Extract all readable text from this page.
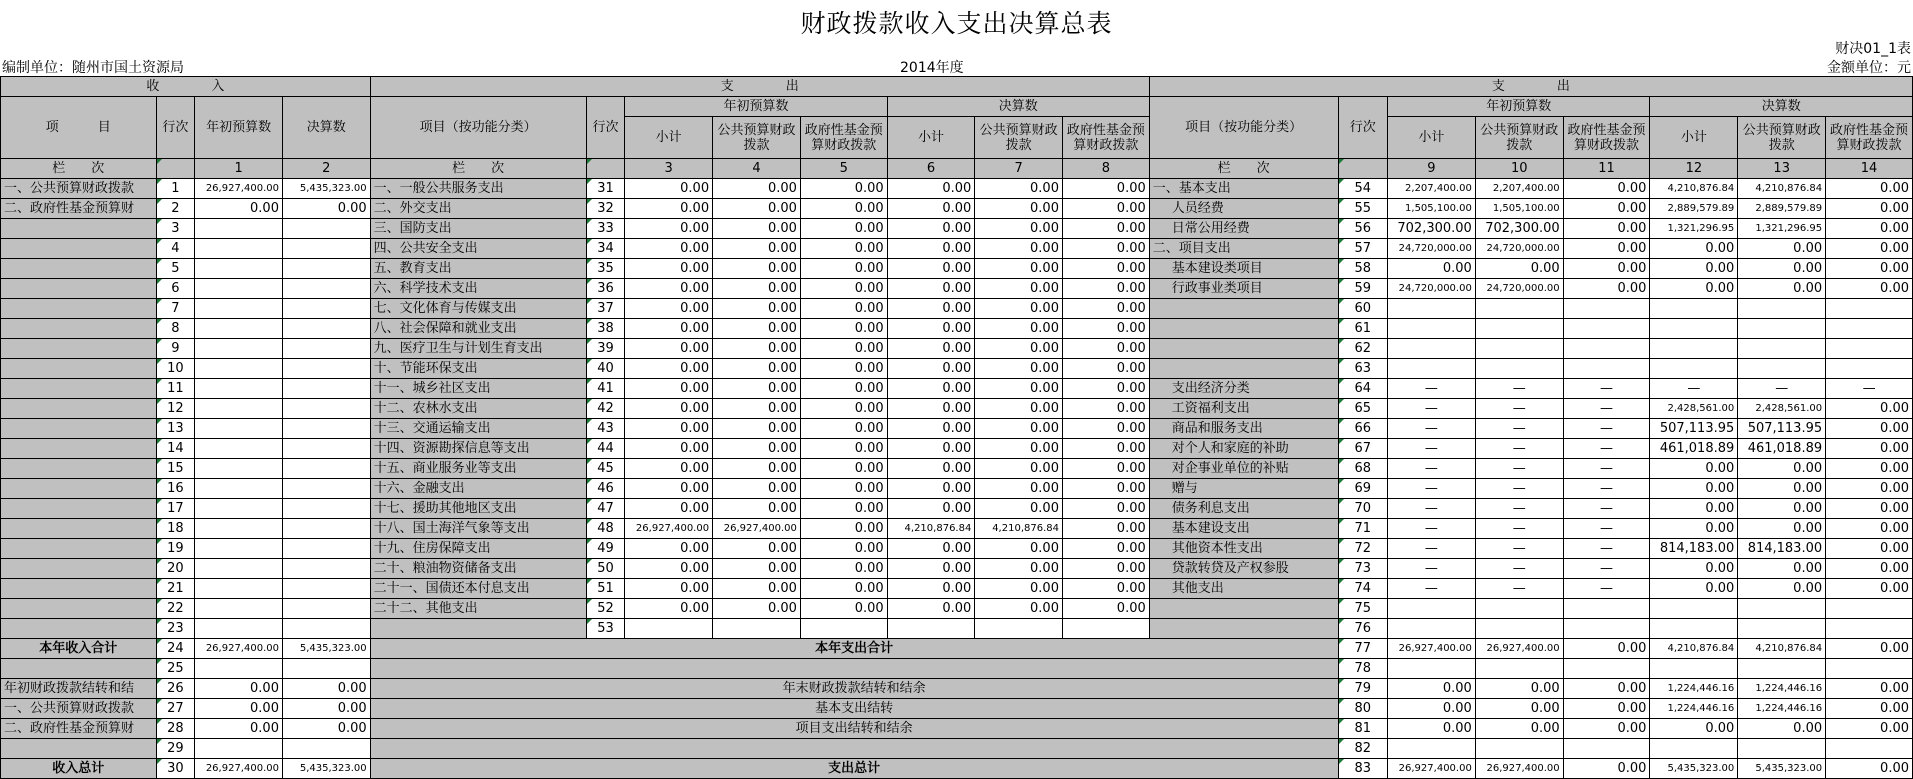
财政拨款收入支出决算总表
财决01_1表
编制单位：随州市国土资源局	2014年度	金额单位：元
收　　　　入				支　　　　出								支　　　　出							
项　　　目	行次	年初预算数	决算数	项目（按功能分类）	行次	年初预算数			决算数			项目（按功能分类）	行次	年初预算数			决算数		
						小计	公共预算财政拨款	政府性基金预算财政拨款	小计	公共预算财政拨款	政府性基金预算财政拨款			小计	公共预算财政拨款	政府性基金预算财政拨款	小计	公共预算财政拨款	政府性基金预算财政拨款
栏　　次		1	2	栏　　次		3	4	5	6	7	8	栏　　次		9	10	11	12	13	14
一、公共预算财政拨款	1	26,927,400.00	5,435,323.00	一、一般公共服务支出	31	0.00	0.00	0.00	0.00	0.00	0.00	一、基本支出	54	2,207,400.00	2,207,400.00	0.00	4,210,876.84	4,210,876.84	0.00
二、政府性基金预算财	2	0.00	0.00	二、外交支出	32	0.00	0.00	0.00	0.00	0.00	0.00	人员经费	55	1,505,100.00	1,505,100.00	0.00	2,889,579.89	2,889,579.89	0.00
	3			三、国防支出	33	0.00	0.00	0.00	0.00	0.00	0.00	日常公用经费	56	702,300.00	702,300.00	0.00	1,321,296.95	1,321,296.95	0.00
	4			四、公共安全支出	34	0.00	0.00	0.00	0.00	0.00	0.00	二、项目支出	57	24,720,000.00	24,720,000.00	0.00	0.00	0.00	0.00
	5			五、教育支出	35	0.00	0.00	0.00	0.00	0.00	0.00	基本建设类项目	58	0.00	0.00	0.00	0.00	0.00	0.00
	6			六、科学技术支出	36	0.00	0.00	0.00	0.00	0.00	0.00	行政事业类项目	59	24,720,000.00	24,720,000.00	0.00	0.00	0.00	0.00
	7			七、文化体育与传媒支出	37	0.00	0.00	0.00	0.00	0.00	0.00		60						
	8			八、社会保障和就业支出	38	0.00	0.00	0.00	0.00	0.00	0.00		61						
	9			九、医疗卫生与计划生育支出	39	0.00	0.00	0.00	0.00	0.00	0.00		62						
	10			十、节能环保支出	40	0.00	0.00	0.00	0.00	0.00	0.00		63						
	11			十一、城乡社区支出	41	0.00	0.00	0.00	0.00	0.00	0.00	支出经济分类	64	—	—	—	—	—	—
	12			十二、农林水支出	42	0.00	0.00	0.00	0.00	0.00	0.00	工资福利支出	65	—	—	—	2,428,561.00	2,428,561.00	0.00
	13			十三、交通运输支出	43	0.00	0.00	0.00	0.00	0.00	0.00	商品和服务支出	66	—	—	—	507,113.95	507,113.95	0.00
	14			十四、资源勘探信息等支出	44	0.00	0.00	0.00	0.00	0.00	0.00	对个人和家庭的补助	67	—	—	—	461,018.89	461,018.89	0.00
	15			十五、商业服务业等支出	45	0.00	0.00	0.00	0.00	0.00	0.00	对企事业单位的补贴	68	—	—	—	0.00	0.00	0.00
	16			十六、金融支出	46	0.00	0.00	0.00	0.00	0.00	0.00	赠与	69	—	—	—	0.00	0.00	0.00
	17			十七、援助其他地区支出	47	0.00	0.00	0.00	0.00	0.00	0.00	债务利息支出	70	—	—	—	0.00	0.00	0.00
	18			十八、国土海洋气象等支出	48	26,927,400.00	26,927,400.00	0.00	4,210,876.84	4,210,876.84	0.00	基本建设支出	71	—	—	—	0.00	0.00	0.00
	19			十九、住房保障支出	49	0.00	0.00	0.00	0.00	0.00	0.00	其他资本性支出	72	—	—	—	814,183.00	814,183.00	0.00
	20			二十、粮油物资储备支出	50	0.00	0.00	0.00	0.00	0.00	0.00	贷款转贷及产权参股	73	—	—	—	0.00	0.00	0.00
	21			二十一、国债还本付息支出	51	0.00	0.00	0.00	0.00	0.00	0.00	其他支出	74	—	—	—	0.00	0.00	0.00
	22			二十二、其他支出	52	0.00	0.00	0.00	0.00	0.00	0.00		75						
	23				53								76						
本年收入合计	24	26,927,400.00	5,435,323.00	本年支出合计									77	26,927,400.00	26,927,400.00	0.00	4,210,876.84	4,210,876.84	0.00
	25												78						
年初财政拨款结转和结	26	0.00	0.00	年末财政拨款结转和结余									79	0.00	0.00	0.00	1,224,446.16	1,224,446.16	0.00
一、公共预算财政拨款	27	0.00	0.00	基本支出结转									80	0.00	0.00	0.00	1,224,446.16	1,224,446.16	0.00
二、政府性基金预算财	28	0.00	0.00	项目支出结转和结余									81	0.00	0.00	0.00	0.00	0.00	0.00
	29												82						
收入总计	30	26,927,400.00	5,435,323.00	支出总计									83	26,927,400.00	26,927,400.00	0.00	5,435,323.00	5,435,323.00	0.00
